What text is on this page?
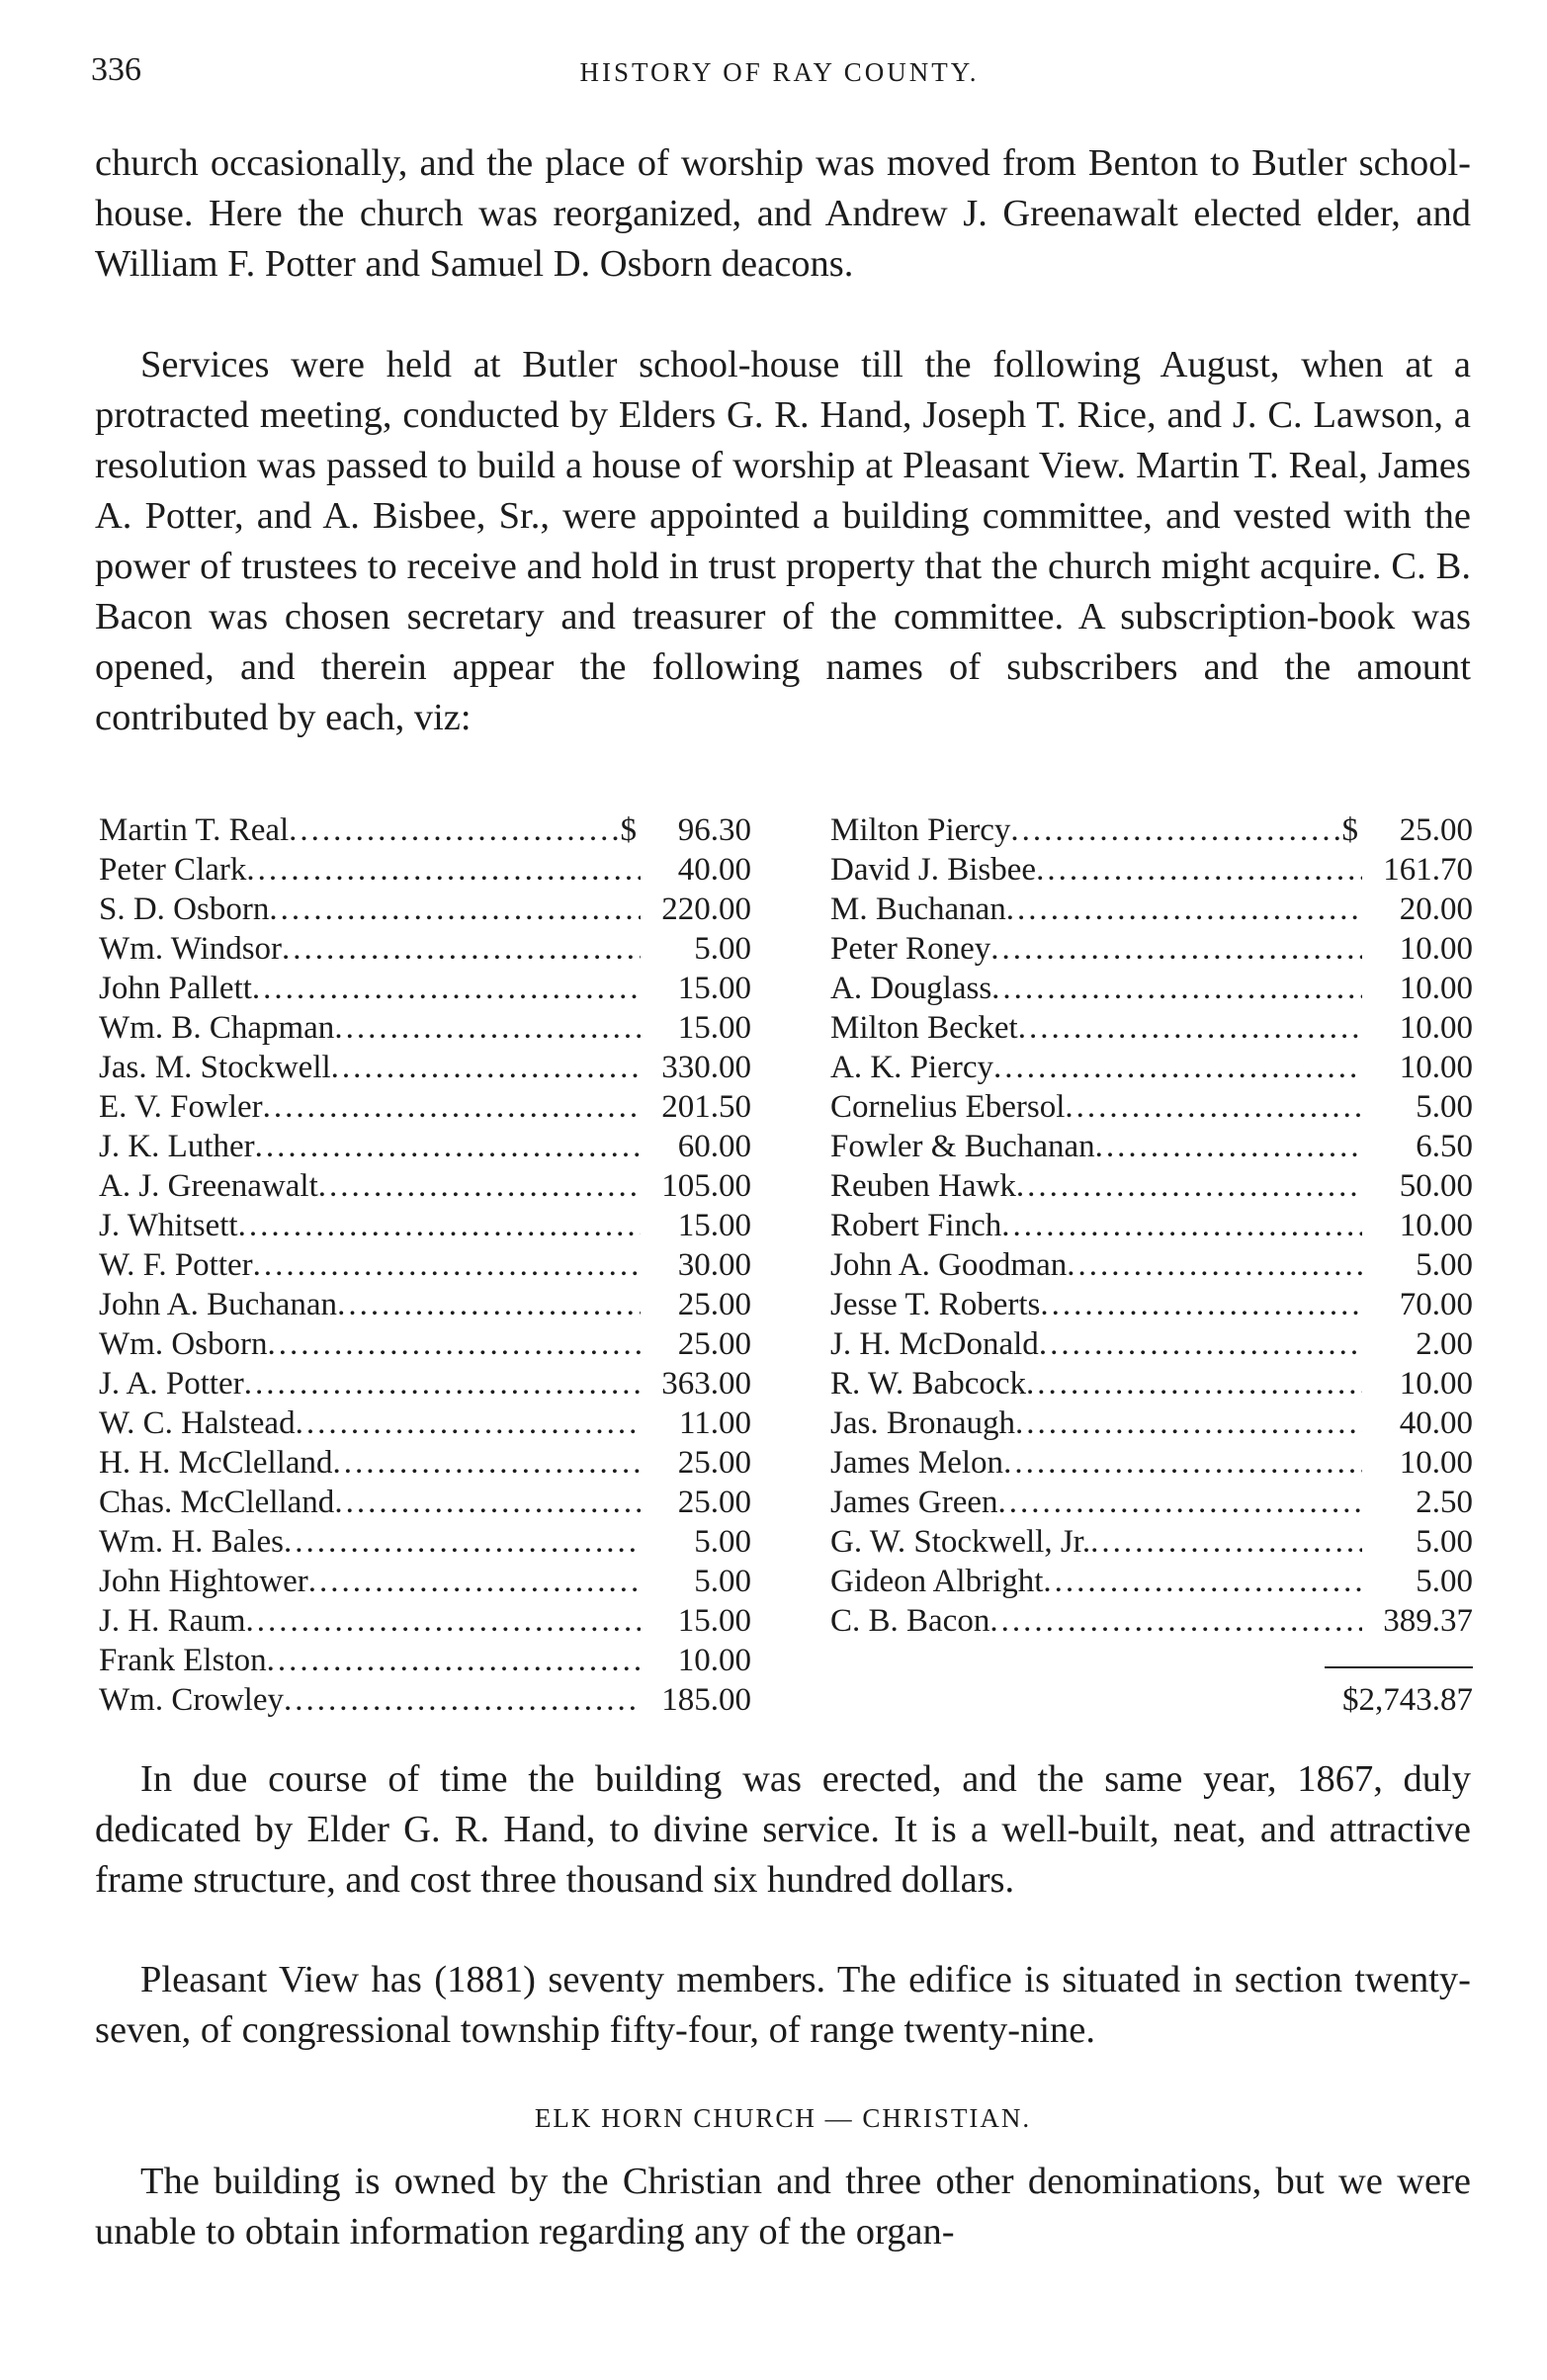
336	HISTORY OF RAY COUNTY.

church occasionally, and the place of worship was moved from Benton to Butler school-house. Here the church was reorganized, and Andrew J. Greenawalt elected elder, and William F. Potter and Samuel D. Osborn deacons.

Services were held at Butler school-house till the following August, when at a protracted meeting, conducted by Elders G. R. Hand, Joseph T. Rice, and J. C. Lawson, a resolution was passed to build a house of worship at Pleasant View. Martin T. Real, James A. Potter, and A. Bisbee, Sr., were appointed a building committee, and vested with the power of trustees to receive and hold in trust property that the church might acquire. C. B. Bacon was chosen secretary and treasurer of the committee. A subscription-book was opened, and therein appear the following names of subscribers and the amount contributed by each, viz:

Martin T. Real .....	$	96.30
Peter Clark .....	40.00
S. D. Osborn .....	220.00
Wm. Windsor .....	5.00
John Pallett .....	15.00
Wm. B. Chapman .....	15.00
Jas. M. Stockwell .....	330.00
E. V. Fowler .....	201.50
J. K. Luther .....	60.00
A. J. Greenawalt .....	105.00
J. Whitsett .....	15.00
W. F. Potter .....	30.00
John A. Buchanan .....	25.00
Wm. Osborn .....	25.00
J. A. Potter .....	363.00
W. C. Halstead .....	11.00
H. H. McClelland .....	25.00
Chas. McClelland .....	25.00
Wm. H. Bales .....	5.00
John Hightower .....	5.00
J. H. Raum .....	15.00
Frank Elston .....	10.00
Wm. Crowley .....	185.00
Milton Piercy .....	$	25.00
David J. Bisbee .....	161.70
M. Buchanan .....	20.00
Peter Roney .....	10.00
A. Douglass .....	10.00
Milton Becket .....	10.00
A. K. Piercy .....	10.00
Cornelius Ebersol .....	5.00
Fowler & Buchanan .....	6.50
Reuben Hawk .....	50.00
Robert Finch .....	10.00
John A. Goodman .....	5.00
Jesse T. Roberts .....	70.00
J. H. McDonald .....	2.00
R. W. Babcock .....	10.00
Jas. Bronaugh .....	40.00
James Melon .....	10.00
James Green .....	2.50
G. W. Stockwell, Jr. .....	5.00
Gideon Albright .....	5.00
C. B. Bacon .....	389.37
$2,743.87

In due course of time the building was erected, and the same year, 1867, duly dedicated by Elder G. R. Hand, to divine service. It is a well-built, neat, and attractive frame structure, and cost three thousand six hundred dollars.

Pleasant View has (1881) seventy members. The edifice is situated in section twenty-seven, of congressional township fifty-four, of range twenty-nine.

ELK HORN CHURCH — CHRISTIAN.

The building is owned by the Christian and three other denominations, but we were unable to obtain information regarding any of the organ-
